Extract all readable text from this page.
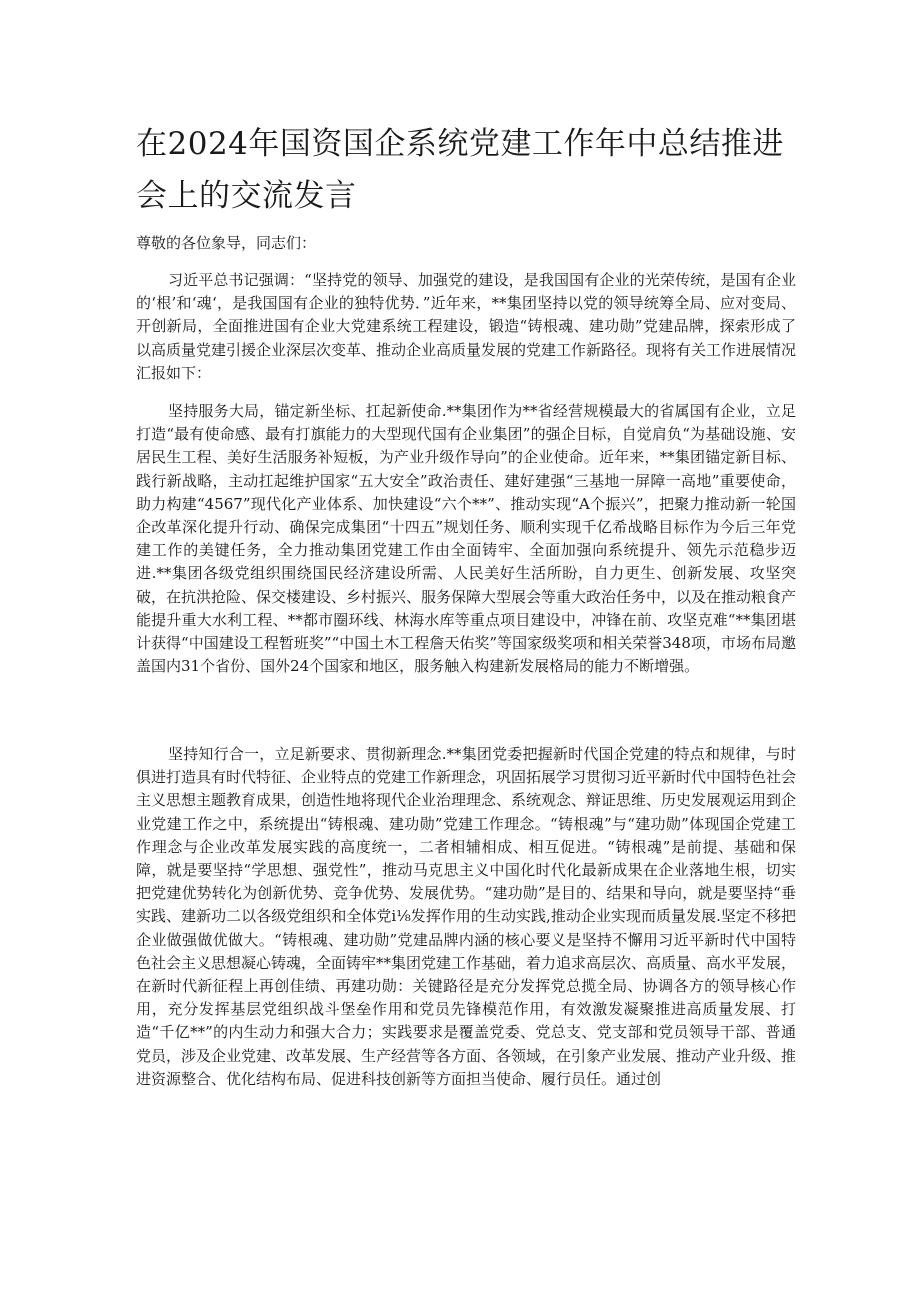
在2024年国资国企系统党建工作年中总结推进会上的交流发言

尊敬的各位象导，同志们：

习近平总书记强调：“坚持党的领导、加强党的建设，是我国国有企业的光荣传统，是国有企业的‘根’和‘魂‘，是我国国有企业的独特优势．”近年来，**集团坚持以党的领导统筹全局、应对变局、开创新局，全面推进国有企业大党建系统工程建设，锻造“铸根魂、建功勋”党建品牌，探索形成了以高质量党建引援企业深层次变革、推动企业高质量发展的党建工作新路径。现将有关工作进展情况汇报如下：

坚持服务大局，锚定新坐标、扛起新使命.**集团作为**省经营规模最大的省属国有企业，立足打造“最有使命感、最有打旗能力的大型现代国有企业集团”的强企目标，自觉肩负“为基础设施、安居民生工程、美好生活服务补短板，为产业升级作导向”的企业使命。近年来，**集团锚定新目标、践行新战略，主动扛起维护国家“五大安全”政治责任、建好建强“三基地一屏障一高地”重要使命，助力构建“4567”现代化产业体系、加快建设“六个**”、推动实现“A个振兴”，把聚力推动新一轮国企改革深化提升行动、确保完成集团“十四五”规划任务、顺利实现千亿希战略目标作为今后三年党建工作的美键任务，全力推动集团党建工作由全面铸牢、全面加强向系统提升、领先示范稳步迈进.**集团各级党组织围绕国民经济建设所需、人民美好生活所盼，自力更生、创新发展、攻坚突破，在抗洪抢险、保交楼建设、乡村振兴、服务保障大型展会等重大政治任务中，以及在推动粮食产能提升重大水利工程、**都市圈环线、林海水库等重点项目建设中，冲锋在前、攻坚克难“**集团堪计获得“中国建设工程暂班奖”“中国土木工程詹天佑奖”等国家级奖项和相关荣誉348项，市场布局邀盖国内31个省份、国外24个国家和地区，服务触入构建新发展格局的能力不断增强。

坚持知行合一，立足新要求、贯彻新理念.**集团党委把握新时代国企党建的特点和规律，与时俱进打造具有时代特征、企业特点的党建工作新理念，巩固拓展学习贯彻习近平新时代中国特色社会主义思想主题教育成果，创造性地将现代企业治理理念、系统观念、辩证思维、历史发展观运用到企业党建工作之中，系统提出“铸根魂、建功勋”党建工作理念。“铸根魂”与“建功勋”体现国企党建工作理念与企业改革发展实践的高度统一，二者相辅相成、相互促进。“铸根魂”是前提、基础和保障，就是要坚持“学思想、强党性”，推动马克思主义中国化时代化最新成果在企业落地生根，切实把党建优势转化为创新优势、竞争优势、发展优势。“建功勋”是目的、结果和导向，就是要坚持“垂实践、建新功二以各级党组织和全体党i⅛发挥作用的生动实践,推动企业实现而质量发展.坚定不移把企业做强做优做大。“铸根魂、建功勋”党建品牌内涵的核心要义是坚持不懈用习近平新时代中国特色社会主义思想凝心铸魂，全面铸牢**集团党建工作基础，着力追求高层次、高质量、高水平发展，在新时代新征程上再创佳绩、再建功勋：关键路径是充分发挥党总揽全局、协调各方的领导核心作用，充分发挥基层党组织战斗堡垒作用和党员先锋模范作用，有效激发凝聚推进高质量发展、打造“千亿**”的内生动力和强大合力；实践要求是覆盖党委、党总支、党支部和党员领导干部、普通党员，涉及企业党建、改革发展、生产经营等各方面、各领域，在引象产业发展、推动产业升级、推进资源整合、优化结构布局、促进科技创新等方面担当使命、履行员任。通过创
